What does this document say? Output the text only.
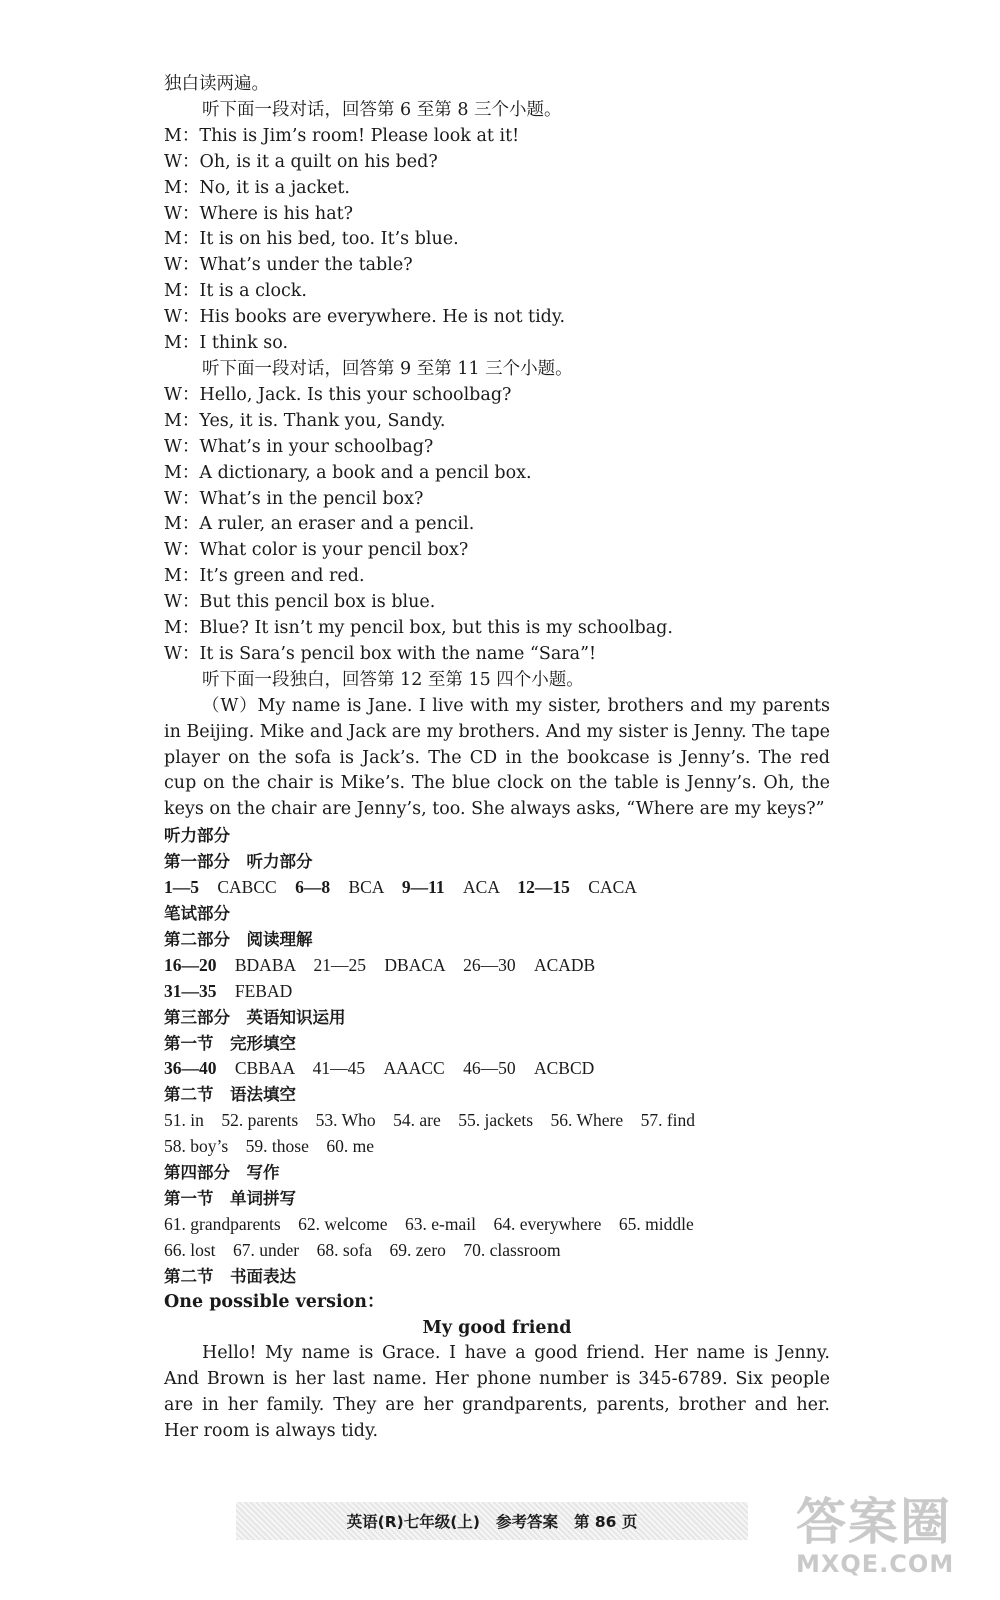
独白读两遍。
听下面一段对话，回答第 6 至第 8 三个小题。
M：This is Jim’s room! Please look at it!
W：Oh, is it a quilt on his bed?
M：No, it is a jacket.
W：Where is his hat?
M：It is on his bed, too. It’s blue.
W：What’s under the table?
M：It is a clock.
W：His books are everywhere. He is not tidy.
M：I think so.
听下面一段对话，回答第 9 至第 11 三个小题。
W：Hello, Jack. Is this your schoolbag?
M：Yes, it is. Thank you, Sandy.
W：What’s in your schoolbag?
M：A dictionary, a book and a pencil box.
W：What’s in the pencil box?
M：A ruler, an eraser and a pencil.
W：What color is your pencil box?
M：It’s green and red.
W：But this pencil box is blue.
M：Blue? It isn’t my pencil box, but this is my schoolbag.
W：It is Sara’s pencil box with the name “Sara”!
听下面一段独白，回答第 12 至第 15 四个小题。
（W）My name is Jane. I live with my sister, brothers and my parents in Beijing. Mike and Jack are my brothers. And my sister is Jenny. The tape player on the sofa is Jack’s. The CD in the bookcase is Jenny’s. The red cup on the chair is Mike’s. The blue clock on the table is Jenny’s. Oh, the keys on the chair are Jenny’s, too. She always asks, “Where are my keys?”
听力部分
第一部分　听力部分
1—5 CABCC 6—8 BCA 9—11 ACA 12—15 CACA
笔试部分
第二部分　阅读理解
16—20 BDABA 21—25 DBACA 26—30 ACADB
31—35 FEBAD
第三部分　英语知识运用
第一节　完形填空
36—40 CBBAA 41—45 AAACC 46—50 ACBCD
第二节　语法填空
51. in　52. parents　53. Who　54. are　55. jackets　56. Where　57. find
58. boy’s　59. those　60. me
第四部分　写作
第一节　单词拼写
61. grandparents　62. welcome　63. e-mail　64. everywhere　65. middle
66. lost　67. under　68. sofa　69. zero　70. classroom
第二节　书面表达
One possible version：
My good friend
Hello! My name is Grace. I have a good friend. Her name is Jenny. And Brown is her last name. Her phone number is 345-6789. Six people are in her family. They are her grandparents, parents, brother and her. Her room is always tidy.
英语(R)七年级(上) 参考答案 第 86 页	答案圈
MXQE.COM
